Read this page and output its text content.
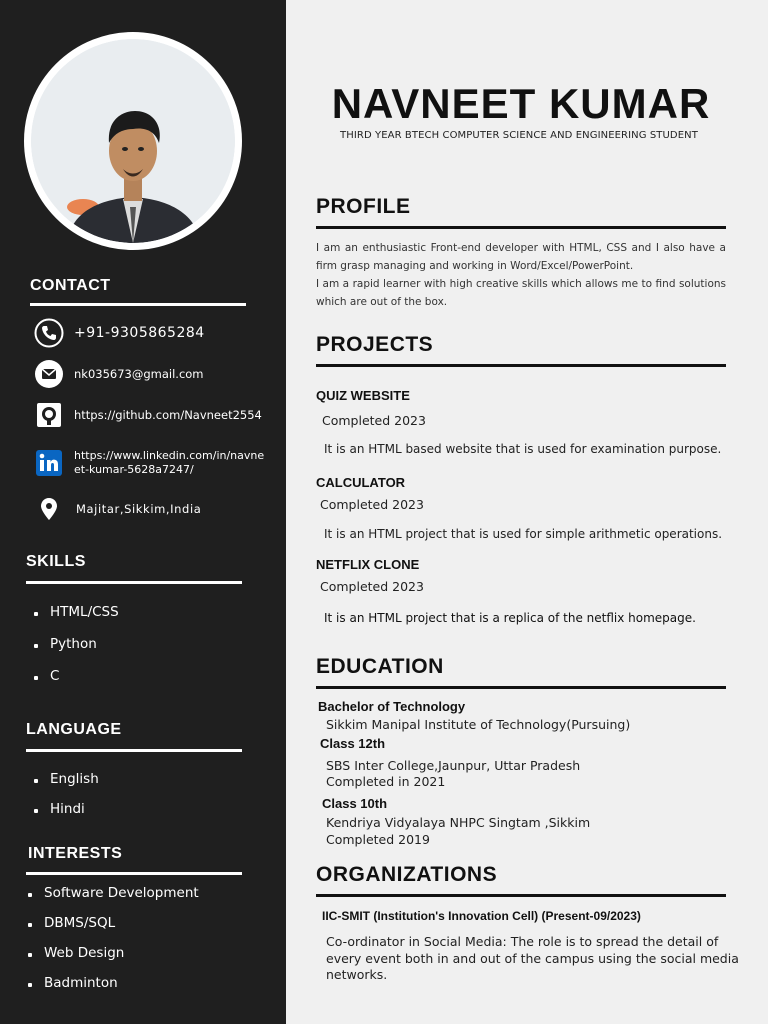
CONTACT
+91-9305865284
nk035673@gmail.com
https://github.com/Navneet2554
https://www.linkedin.com/in/navne
et-kumar-5628a7247/
Majitar,Sikkim,India
SKILLS
HTML/CSS
Python
C
LANGUAGE
English
Hindi
INTERESTS
Software Development
DBMS/SQL
Web Design
Badminton
NAVNEET KUMAR
THIRD YEAR BTECH COMPUTER SCIENCE AND ENGINEERING STUDENT
PROFILE
I am an enthusiastic Front-end developer with HTML, CSS and I also have a firm grasp managing and working in Word/Excel/PowerPoint.
I am a rapid learner with high creative skills which allows me to find solutions which are out of the box.
PROJECTS
QUIZ WEBSITE
Completed 2023
It is an HTML based website that is used for examination purpose.
CALCULATOR
Completed 2023
It is an HTML project that is used for simple arithmetic operations.
NETFLIX CLONE
Completed 2023
It is an HTML project that is a replica of the netflix homepage.
EDUCATION
Bachelor of Technology
Sikkim Manipal Institute of Technology(Pursuing)
Class 12th
SBS Inter College,Jaunpur, Uttar Pradesh
Completed in 2021
Class 10th
Kendriya Vidyalaya NHPC Singtam ,Sikkim
Completed 2019
ORGANIZATIONS
IIC-SMIT (Institution's Innovation Cell) (Present-09/2023)
Co-ordinator in Social Media: The role is to spread the detail of every event both in and out of the campus using the social media networks.
